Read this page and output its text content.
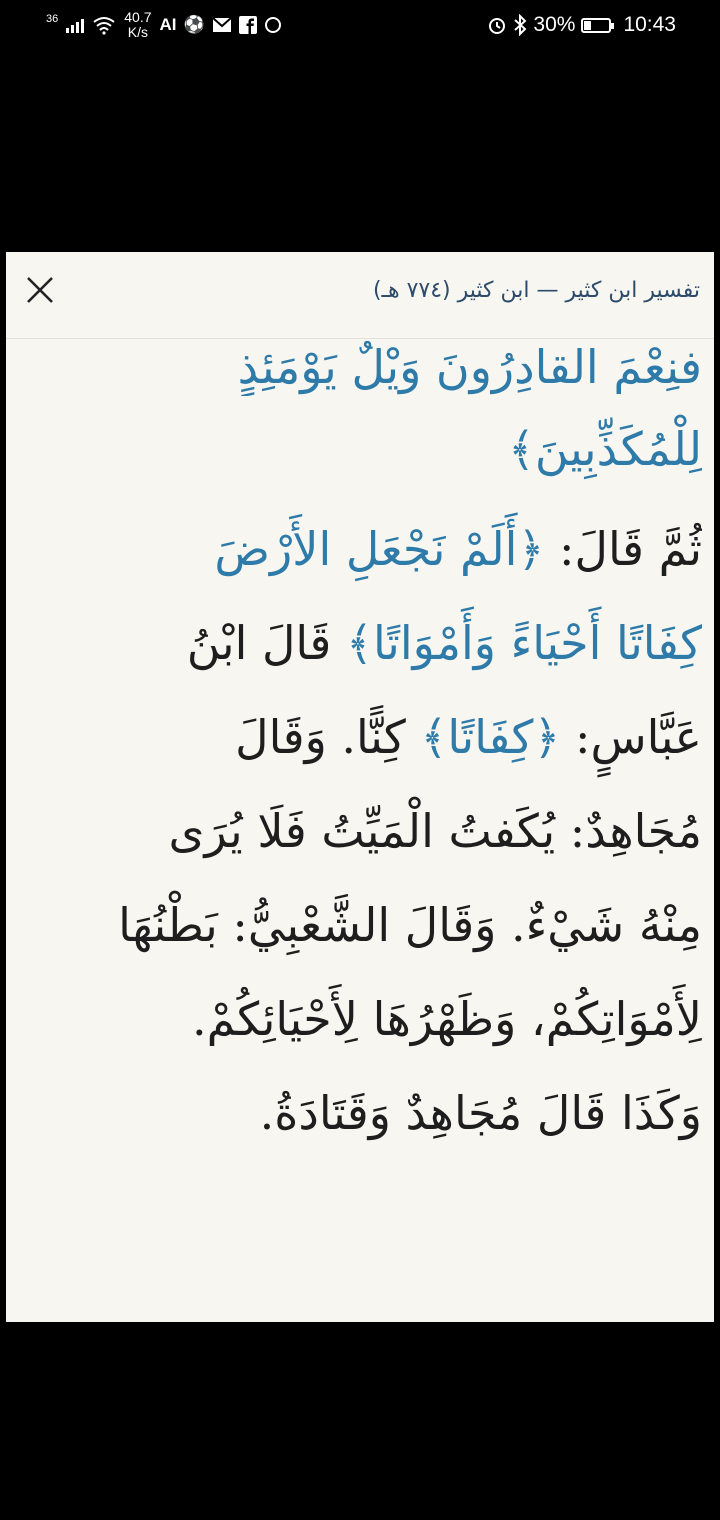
36	40.7
K/s AI ⚽	30% 10:43
تفسير ابن كثير — ابن كثير (٧٧٤ هـ)
فنِعْمَ القادِرُونَ وَيْلٌ يَوْمَئِذٍ
لِلْمُكَذِّبِينَ﴾
ثُمَّ قَالَ: ﴿أَلَمْ نَجْعَلِ الأَرْضَ
كِفَاتًا أَحْيَاءً وَأَمْوَاتًا﴾ قَالَ ابْنُ
عَبَّاسٍ: ﴿كِفَاتًا﴾ كِنًّا. وَقَالَ
مُجَاهِدٌ: يُكَفتُ الْمَيِّتُ فَلَا يُرَى
مِنْهُ شَيْءٌ. وَقَالَ الشَّعْبِيُّ: بَطْنُهَا
لِأَمْوَاتِكُمْ، وَظَهْرُهَا لِأَحْيَائِكُمْ.
وَكَذَا قَالَ مُجَاهِدٌ وَقَتَادَةُ.
